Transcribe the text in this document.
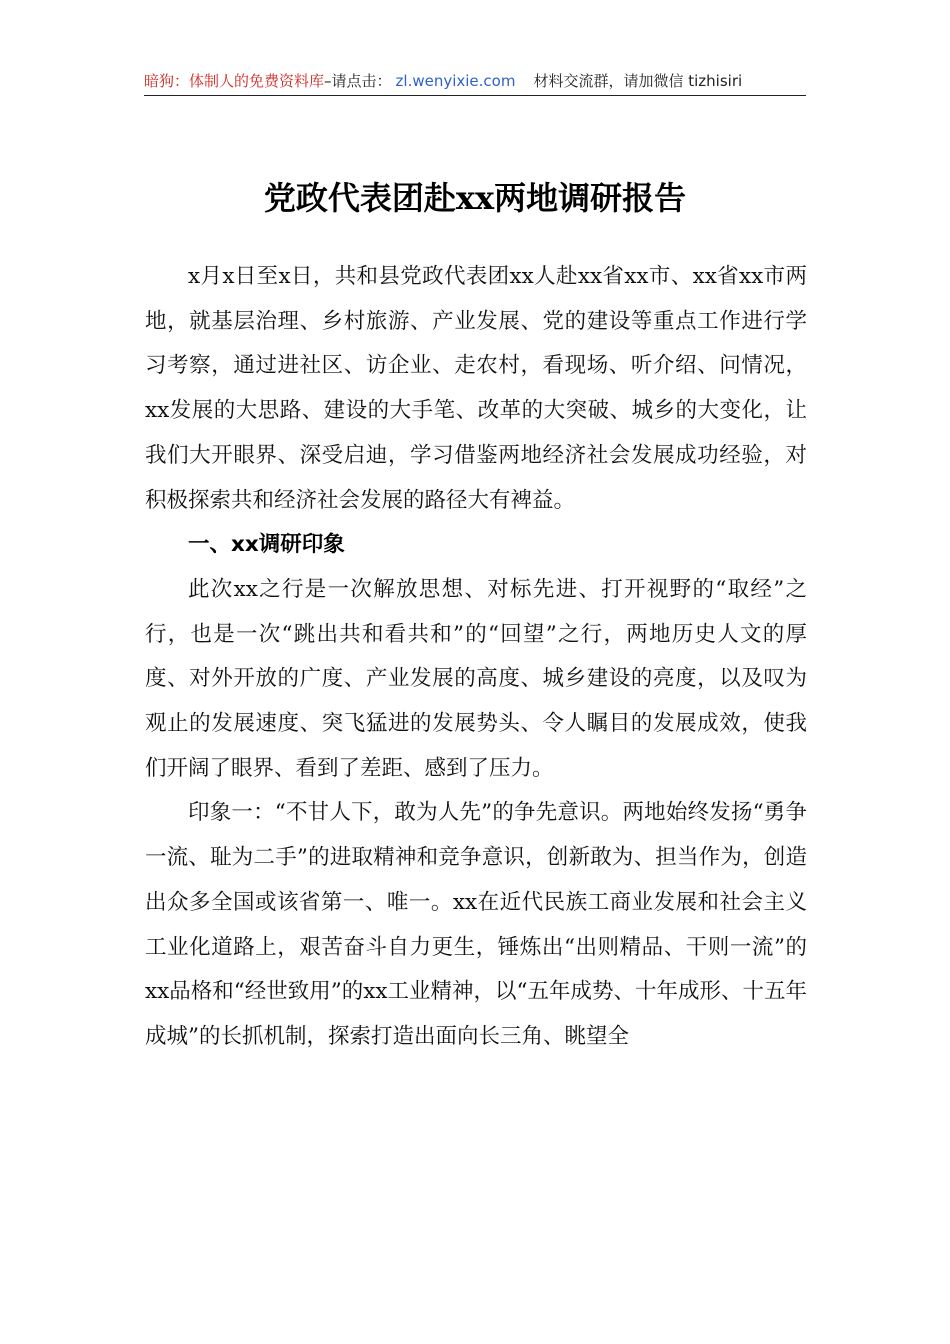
暗狗：体制人的免费资料库–请点击： zl.wenyixie.com 材料交流群，请加微信 tizhisiri
党政代表团赴xx两地调研报告

x月x日至x日，共和县党政代表团xx人赴xx省xx市、xx省xx市两地，就基层治理、乡村旅游、产业发展、党的建设等重点工作进行学习考察，通过进社区、访企业、走农村，看现场、听介绍、问情况，xx发展的大思路、建设的大手笔、改革的大突破、城乡的大变化，让我们大开眼界、深受启迪，学习借鉴两地经济社会发展成功经验，对积极探索共和经济社会发展的路径大有裨益。

一、xx调研印象

此次xx之行是一次解放思想、对标先进、打开视野的“取经”之行，也是一次“跳出共和看共和”的“回望”之行，两地历史人文的厚度、对外开放的广度、产业发展的高度、城乡建设的亮度，以及叹为观止的发展速度、突飞猛进的发展势头、令人瞩目的发展成效，使我们开阔了眼界、看到了差距、感到了压力。

印象一：“不甘人下，敢为人先”的争先意识。两地始终发扬“勇争一流、耻为二手”的进取精神和竞争意识，创新敢为、担当作为，创造出众多全国或该省第一、唯一。xx在近代民族工商业发展和社会主义工业化道路上，艰苦奋斗自力更生，锤炼出“出则精品、干则一流”的xx品格和“经世致用”的xx工业精神，以“五年成势、十年成形、十五年成城”的长抓机制，探索打造出面向长三角、眺望全
